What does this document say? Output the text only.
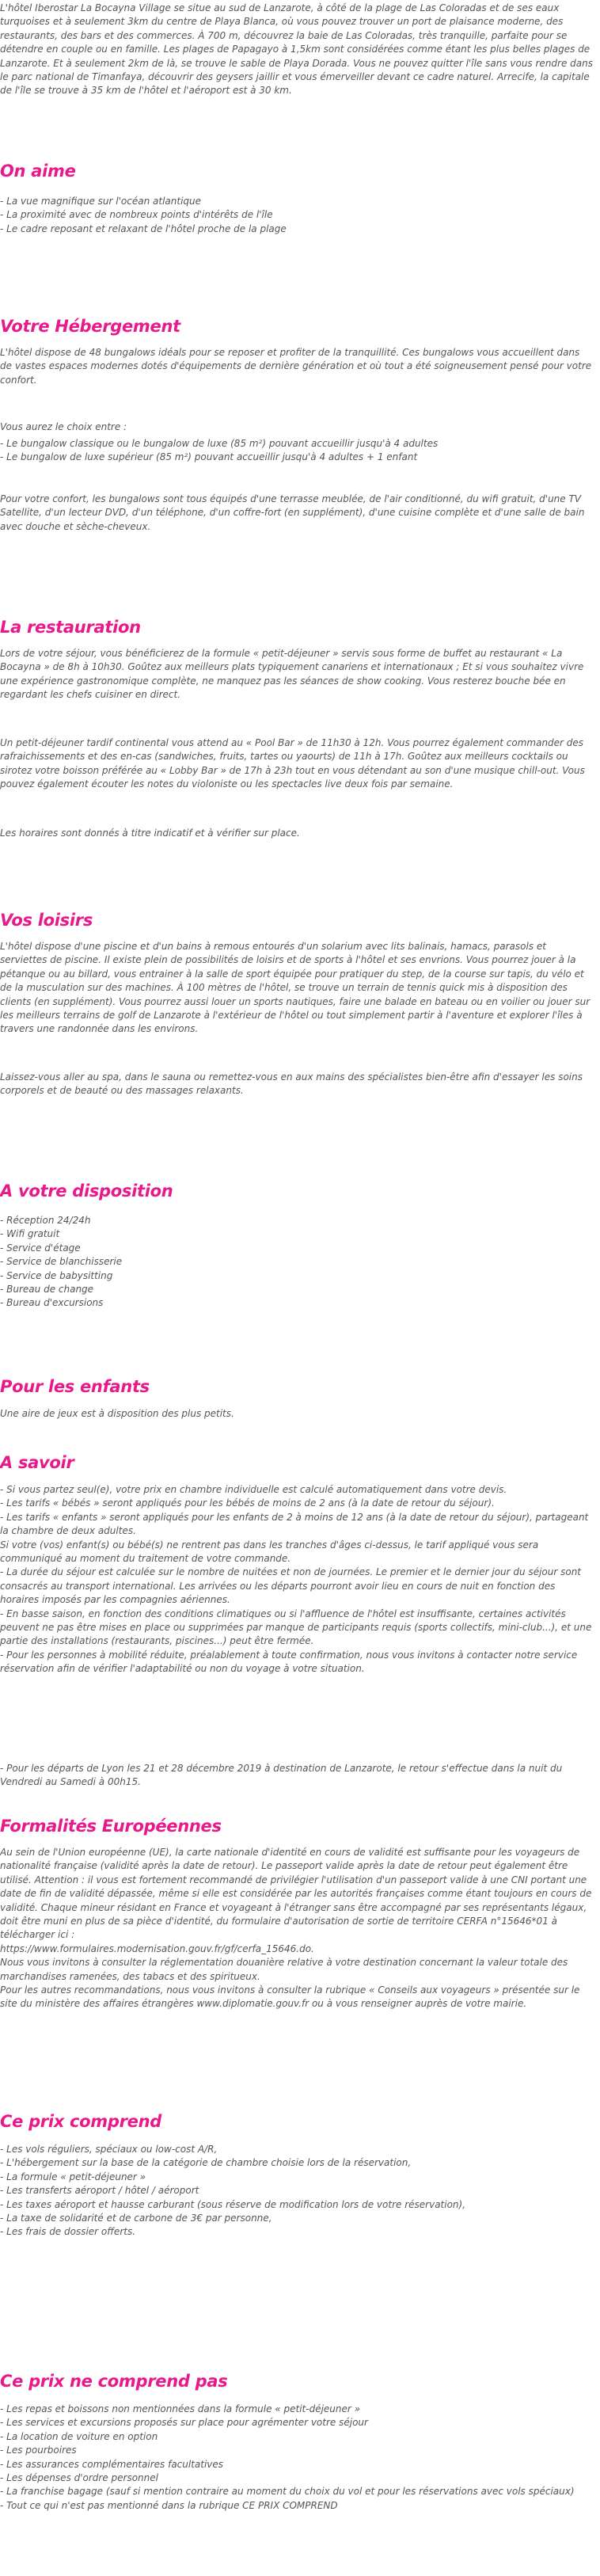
L'hôtel Iberostar La Bocayna Village se situe au sud de Lanzarote, à côté de la plage de Las Coloradas et de ses eaux turquoises et à seulement 3km du centre de Playa Blanca, où vous pouvez trouver un port de plaisance moderne, des restaurants, des bars et des commerces. À 700 m, découvrez la baie de Las Coloradas, très tranquille, parfaite pour se détendre en couple ou en famille. Les plages de Papagayo à 1,5km sont considérées comme étant les plus belles plages de Lanzarote. Et à seulement 2km de là, se trouve le sable de Playa Dorada. Vous ne pouvez quitter l'île sans vous rendre dans le parc national de Timanfaya, découvrir des geysers jaillir et vous émerveiller devant ce cadre naturel. Arrecife, la capitale de l'île se trouve à 35 km de l'hôtel et l'aéroport est à 30 km.

On aime
- La vue magnifique sur l'océan atlantique
- La proximité avec de nombreux points d'intérêts de l'île
- Le cadre reposant et relaxant de l'hôtel proche de la plage
Votre Hébergement

L'hôtel dispose de 48 bungalows idéals pour se reposer et profiter de la tranquillité. Ces bungalows vous accueillent dans de vastes espaces modernes dotés d'équipements de dernière génération et où tout a été soigneusement pensé pour votre confort.

Vous aurez le choix entre :

- Le bungalow classique ou le bungalow de luxe (85 m²) pouvant accueillir jusqu'à 4 adultes
- Le bungalow de luxe supérieur (85 m²) pouvant accueillir jusqu'à 4 adultes + 1 enfant

Pour votre confort, les bungalows sont tous équipés d'une terrasse meublée, de l'air conditionné, du wifi gratuit, d'une TV Satellite, d'un lecteur DVD, d'un téléphone, d'un coffre-fort (en supplément), d'une cuisine complète et d'une salle de bain avec douche et sèche-cheveux.

La restauration

Lors de votre séjour, vous bénéficierez de la formule « petit-déjeuner » servis sous forme de buffet au restaurant « La Bocayna » de 8h à 10h30. Goûtez aux meilleurs plats typiquement canariens et internationaux ; Et si vous souhaitez vivre une expérience gastronomique complète, ne manquez pas les séances de show cooking. Vous resterez bouche bée en regardant les chefs cuisiner en direct.

Un petit-déjeuner tardif continental vous attend au « Pool Bar » de 11h30 à 12h. Vous pourrez également commander des rafraichissements et des en-cas (sandwiches, fruits, tartes ou yaourts) de 11h à 17h. Goûtez aux meilleurs cocktails ou sirotez votre boisson préférée au « Lobby Bar » de 17h à 23h tout en vous détendant au son d'une musique chill-out. Vous pouvez également écouter les notes du violoniste ou les spectacles live deux fois par semaine.

Les horaires sont donnés à titre indicatif et à vérifier sur place.

Vos loisirs

L'hôtel dispose d'une piscine et d'un bains à remous entourés d'un solarium avec lits balinais, hamacs, parasols et serviettes de piscine. Il existe plein de possibilités de loisirs et de sports à l'hôtel et ses envrions. Vous pourrez jouer à la pétanque ou au billard, vous entrainer à la salle de sport équipée pour pratiquer du step, de la course sur tapis, du vélo et de la musculation sur des machines. À 100 mètres de l'hôtel, se trouve un terrain de tennis quick mis à disposition des clients (en supplément). Vous pourrez aussi louer un sports nautiques, faire une balade en bateau ou en voilier ou jouer sur les meilleurs terrains de golf de Lanzarote à l'extérieur de l'hôtel ou tout simplement partir à l'aventure et explorer l'îles à travers une randonnée dans les environs.

Laissez-vous aller au spa, dans le sauna ou remettez-vous en aux mains des spécialistes bien-être afin d'essayer les soins corporels et de beauté ou des massages relaxants.

A votre disposition
- Réception 24/24h
- Wifi gratuit
- Service d'étage
- Service de blanchisserie
- Service de babysitting
- Bureau de change
- Bureau d'excursions
Pour les enfants

Une aire de jeux est à disposition des plus petits.

A savoir

- Si vous partez seul(e), votre prix en chambre individuelle est calculé automatiquement dans votre devis.

- Les tarifs « bébés » seront appliqués pour les bébés de moins de 2 ans (à la date de retour du séjour).

- Les tarifs « enfants » seront appliqués pour les enfants de 2 à moins de 12 ans (à la date de retour du séjour), partageant la chambre de deux adultes.

Si votre (vos) enfant(s) ou bébé(s) ne rentrent pas dans les tranches d'âges ci-dessus, le tarif appliqué vous sera communiqué au moment du traitement de votre commande.

- La durée du séjour est calculée sur le nombre de nuitées et non de journées. Le premier et le dernier jour du séjour sont consacrés au transport international. Les arrivées ou les départs pourront avoir lieu en cours de nuit en fonction des horaires imposés par les compagnies aériennes.

- En basse saison, en fonction des conditions climatiques ou si l'affluence de l'hôtel est insuffisante, certaines activités peuvent ne pas être mises en place ou supprimées par manque de participants requis (sports collectifs, mini-club...), et une partie des installations (restaurants, piscines...) peut être fermée.

- Pour les personnes à mobilité réduite, préalablement à toute confirmation, nous vous invitons à contacter notre service réservation afin de vérifier l'adaptabilité ou non du voyage à votre situation.

- Pour les départs de Lyon les 21 et 28 décembre 2019 à destination de Lanzarote, le retour s'effectue dans la nuit du Vendredi au Samedi à 00h15.

Formalités Européennes

Au sein de l'Union européenne (UE), la carte nationale d'identité en cours de validité est suffisante pour les voyageurs de nationalité française (validité après la date de retour). Le passeport valide après la date de retour peut également être utilisé. Attention : il vous est fortement recommandé de privilégier l'utilisation d'un passeport valide à une CNI portant une date de fin de validité dépassée, même si elle est considérée par les autorités françaises comme étant toujours en cours de validité. Chaque mineur résidant en France et voyageant à l'étranger sans être accompagné par ses représentants légaux, doit être muni en plus de sa pièce d'identité, du formulaire d'autorisation de sortie de territoire CERFA n°15646*01 à télécharger ici :

https://www.formulaires.modernisation.gouv.fr/gf/cerfa_15646.do.

Nous vous invitons à consulter la réglementation douanière relative à votre destination concernant la valeur totale des marchandises ramenées, des tabacs et des spiritueux.

Pour les autres recommandations, nous vous invitons à consulter la rubrique « Conseils aux voyageurs » présentée sur le site du ministère des affaires étrangères www.diplomatie.gouv.fr ou à vous renseigner auprès de votre mairie.

Ce prix comprend
- Les vols réguliers, spéciaux ou low-cost A/R,
- L'hébergement sur la base de la catégorie de chambre choisie lors de la réservation,
- La formule « petit-déjeuner »
- Les transferts aéroport / hôtel / aéroport
- Les taxes aéroport et hausse carburant (sous réserve de modification lors de votre réservation),
- La taxe de solidarité et de carbone de 3€ par personne,
- Les frais de dossier offerts.
Ce prix ne comprend pas
- Les repas et boissons non mentionnées dans la formule « petit-déjeuner »
- Les services et excursions proposés sur place pour agrémenter votre séjour
- La location de voiture en option
- Les pourboires
- Les assurances complémentaires facultatives
- Les dépenses d'ordre personnel
- La franchise bagage (sauf si mention contraire au moment du choix du vol et pour les réservations avec vols spéciaux)
- Tout ce qui n'est pas mentionné dans la rubrique CE PRIX COMPREND
